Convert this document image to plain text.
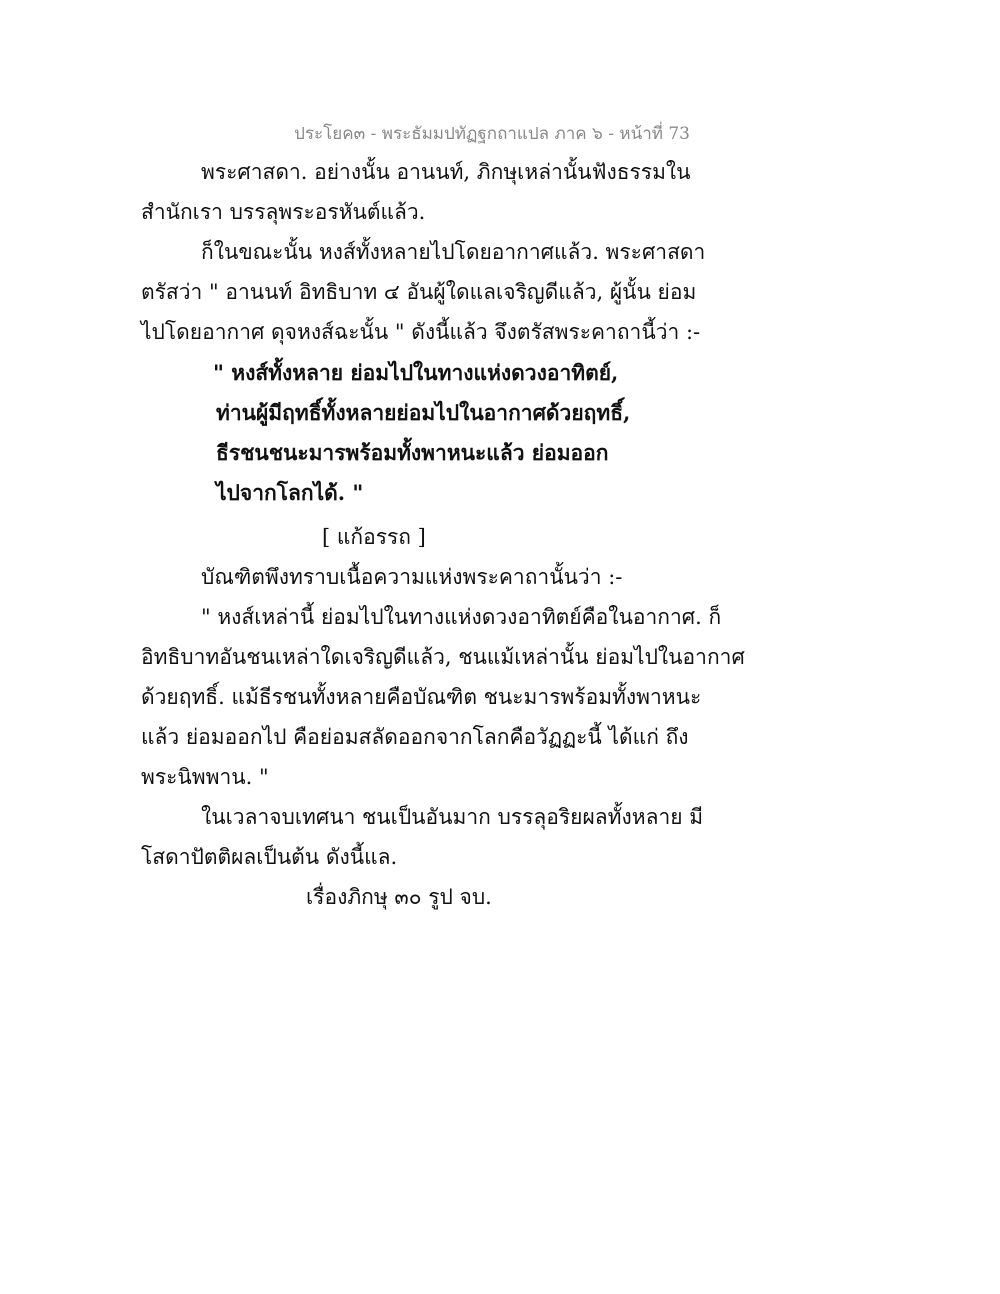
ประโยค๓ - พระธัมมปทัฏฐกถาแปล ภาค ๖ - หน้าที่ 73
พระศาสดา. อย่างนั้น อานนท์, ภิกษุเหล่านั้นฟังธรรมใน
สำนักเรา บรรลุพระอรหันต์แล้ว.
ก็ในขณะนั้น หงส์ทั้งหลายไปโดยอากาศแล้ว. พระศาสดา
ตรัสว่า " อานนท์ อิทธิบาท ๔ อันผู้ใดแลเจริญดีแล้ว, ผู้นั้น ย่อม
ไปโดยอากาศ ดุจหงส์ฉะนั้น " ดังนี้แล้ว จึงตรัสพระคาถานี้ว่า :-
" หงส์ทั้งหลาย ย่อมไปในทางแห่งดวงอาทิตย์,
ท่านผู้มีฤทธิ์ทั้งหลายย่อมไปในอากาศด้วยฤทธิ์,
ธีรชนชนะมารพร้อมทั้งพาหนะแล้ว ย่อมออก
ไปจากโลกได้. "
[ แก้อรรถ ]
บัณฑิตพึงทราบเนื้อความแห่งพระคาถานั้นว่า :-
" หงส์เหล่านี้ ย่อมไปในทางแห่งดวงอาทิตย์คือในอากาศ. ก็
อิทธิบาทอันชนเหล่าใดเจริญดีแล้ว, ชนแม้เหล่านั้น ย่อมไปในอากาศ
ด้วยฤทธิ์. แม้ธีรชนทั้งหลายคือบัณฑิต ชนะมารพร้อมทั้งพาหนะ
แล้ว ย่อมออกไป คือย่อมสลัดออกจากโลกคือวัฏฏะนี้ ได้แก่ ถึง
พระนิพพาน. "
ในเวลาจบเทศนา ชนเป็นอันมาก บรรลุอริยผลทั้งหลาย มี
โสดาปัตติผลเป็นต้น ดังนี้แล.
เรื่องภิกษุ ๓๐ รูป จบ.
